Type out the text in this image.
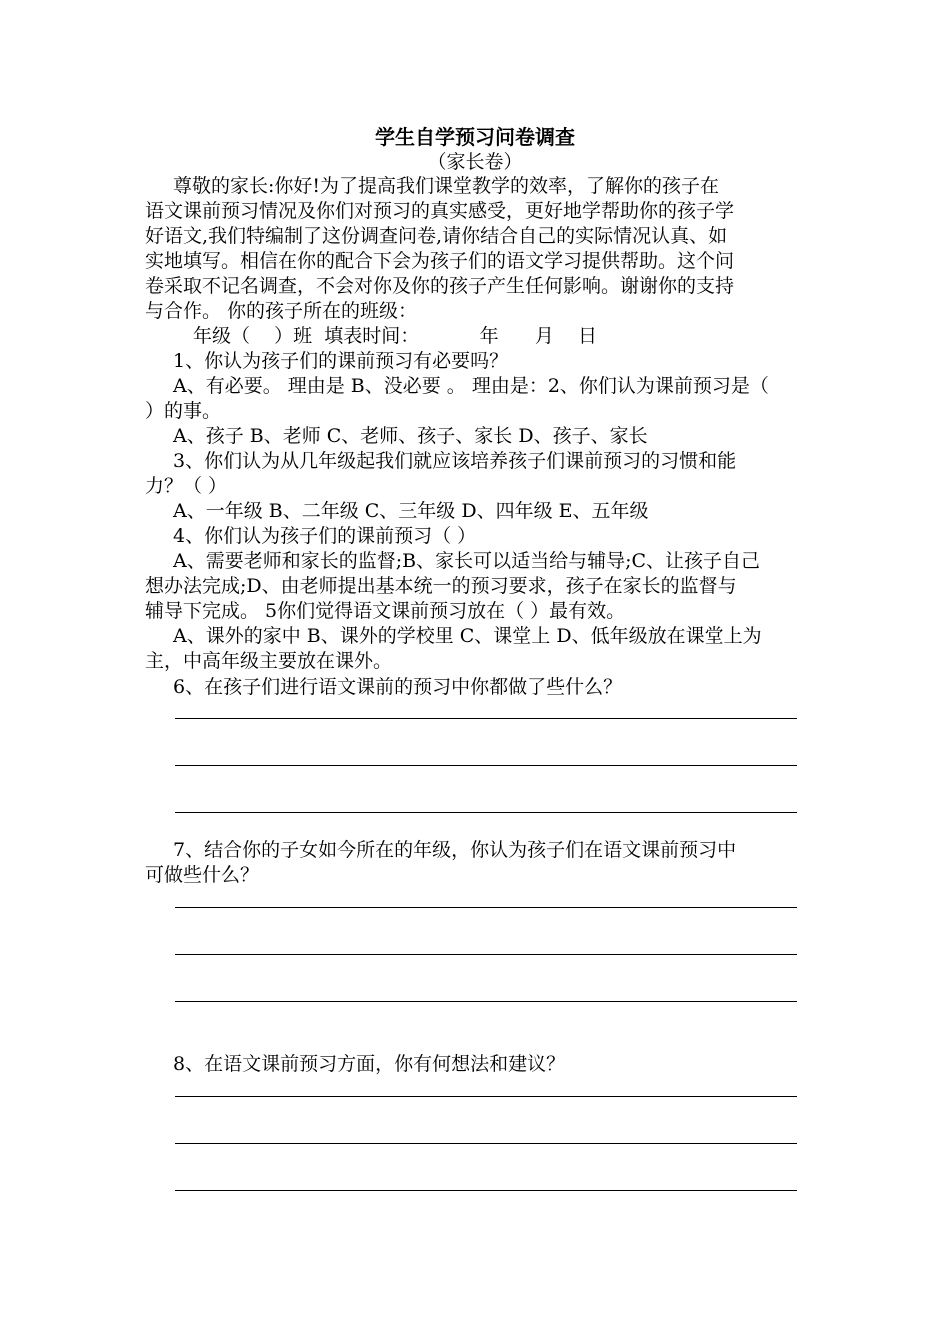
学生自学预习问卷调查
（家长卷）
尊敬的家长:你好!为了提高我们课堂教学的效率，了解你的孩子在
语文课前预习情况及你们对预习的真实感受，更好地学帮助你的孩子学
好语文,我们特编制了这份调查问卷,请你结合自己的实际情况认真、如
实地填写。相信在你的配合下会为孩子们的语文学习提供帮助。这个问
卷采取不记名调查，不会对你及你的孩子产生任何影响。谢谢你的支持
与合作。 你的孩子所在的班级：
年级（    ）班  填表时间：          年      月    日
1、你认为孩子们的课前预习有必要吗？
A、有必要。 理由是 B、没必要 。 理由是：2、你们认为课前预习是（
）的事。
A、孩子 B、老师 C、老师、孩子、家长 D、孩子、家长
3、你们认为从几年级起我们就应该培养孩子们课前预习的习惯和能
力？（ ）
A、一年级 B、二年级 C、三年级 D、四年级 E、五年级
4、你们认为孩子们的课前预习（ ）
A、需要老师和家长的监督;B、家长可以适当给与辅导;C、让孩子自己
想办法完成;D、由老师提出基本统一的预习要求，孩子在家长的监督与
辅导下完成。 5你们觉得语文课前预习放在（ ）最有效。
A、课外的家中 B、课外的学校里 C、课堂上 D、低年级放在课堂上为
主，中高年级主要放在课外。
6、在孩子们进行语文课前的预习中你都做了些什么？
7、结合你的子女如今所在的年级，你认为孩子们在语文课前预习中
可做些什么？
8、在语文课前预习方面，你有何想法和建议？
